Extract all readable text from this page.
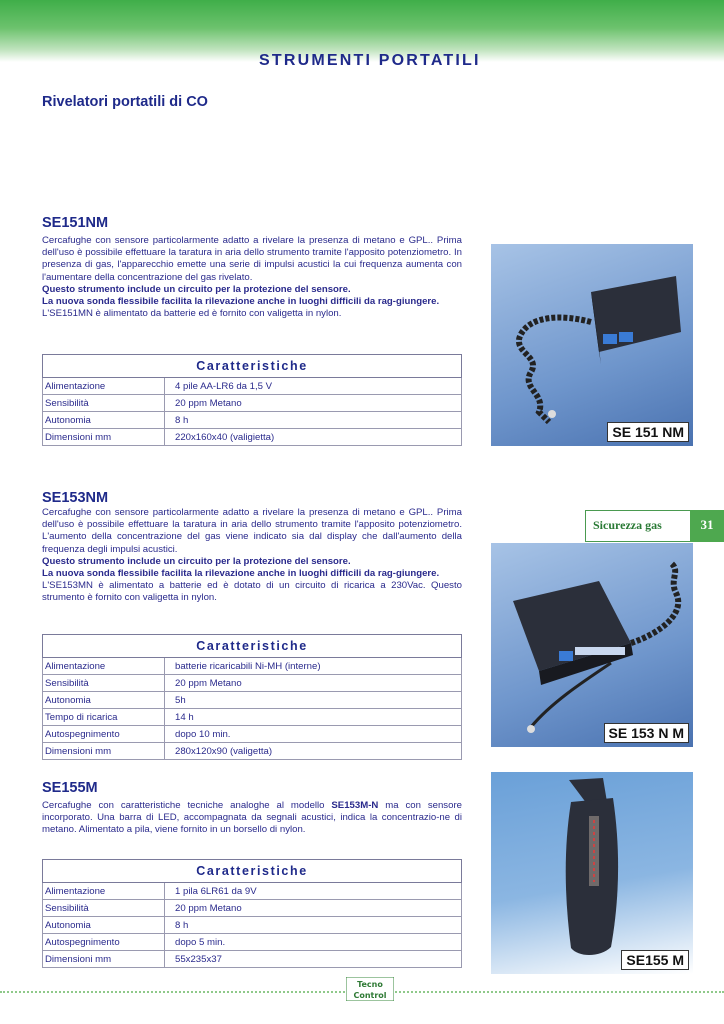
STRUMENTI PORTATILI
Rivelatori portatili di CO
SE151NM

Cercafughe con sensore particolarmente adatto a rivelare la presenza di metano e GPL.. Prima dell'uso è possibile effettuare la taratura in aria dello strumento tramite l'apposito potenziometro. In presenza di gas, l'apparecchio emette una serie di impulsi acustici la cui frequenza aumenta con l'aumentare della concentrazione del gas rivelato.

Questo strumento include un circuito per la protezione del sensore.

La nuova sonda flessibile facilita la rilevazione anche in luoghi difficili da rag-giungere.

L'SE151MN è alimentato da batterie ed è fornito con valigetta in nylon.

Caratteristiche	
Alimentazione	4 pile AA-LR6 da 1,5 V
Sensibilità	20 ppm Metano
Autonomia	8 h
Dimensioni mm	220x160x40 (valigietta)	SE 151 NM
Sicurezza gas	31
SE153NM

Cercafughe con sensore particolarmente adatto a rivelare la presenza di metano e GPL.. Prima dell'uso è possibile effettuare la taratura in aria dello strumento tramite l'apposito potenziometro. L'aumento della concentrazione del gas viene indicato sia dal display che dall'aumento della frequenza degli impulsi acustici.

Questo strumento include un circuito per la protezione del sensore.

La nuova sonda flessibile facilita la rilevazione anche in luoghi difficili da rag-giungere.

L'SE153MN è alimentato a batterie ed è dotato di un circuito di ricarica a 230Vac. Questo strumento è fornito con valigetta in nylon.

Caratteristiche	
Alimentazione	batterie ricaricabili Ni-MH (interne)
Sensibilità	20 ppm Metano
Autonomia	5h
Tempo di ricarica	14 h
Autospegnimento	dopo 10 min.
Dimensioni mm	280x120x90 (valigetta)
SE 153 N M
SE155M

Cercafughe con caratteristiche tecniche analoghe al modello SE153M-N ma con sensore incorporato. Una barra di LED, accompagnata da segnali acustici, indica la concentrazio-ne di metano. Alimentato a pila, viene fornito in un borsello di nylon.

Caratteristiche	
Alimentazione	1 pila 6LR61 da 9V
Sensibilità	20 ppm Metano
Autonomia	8 h
Autospegnimento	dopo 5 min.
Dimensioni mm	55x235x37	SE155 M
Tecno
Control
